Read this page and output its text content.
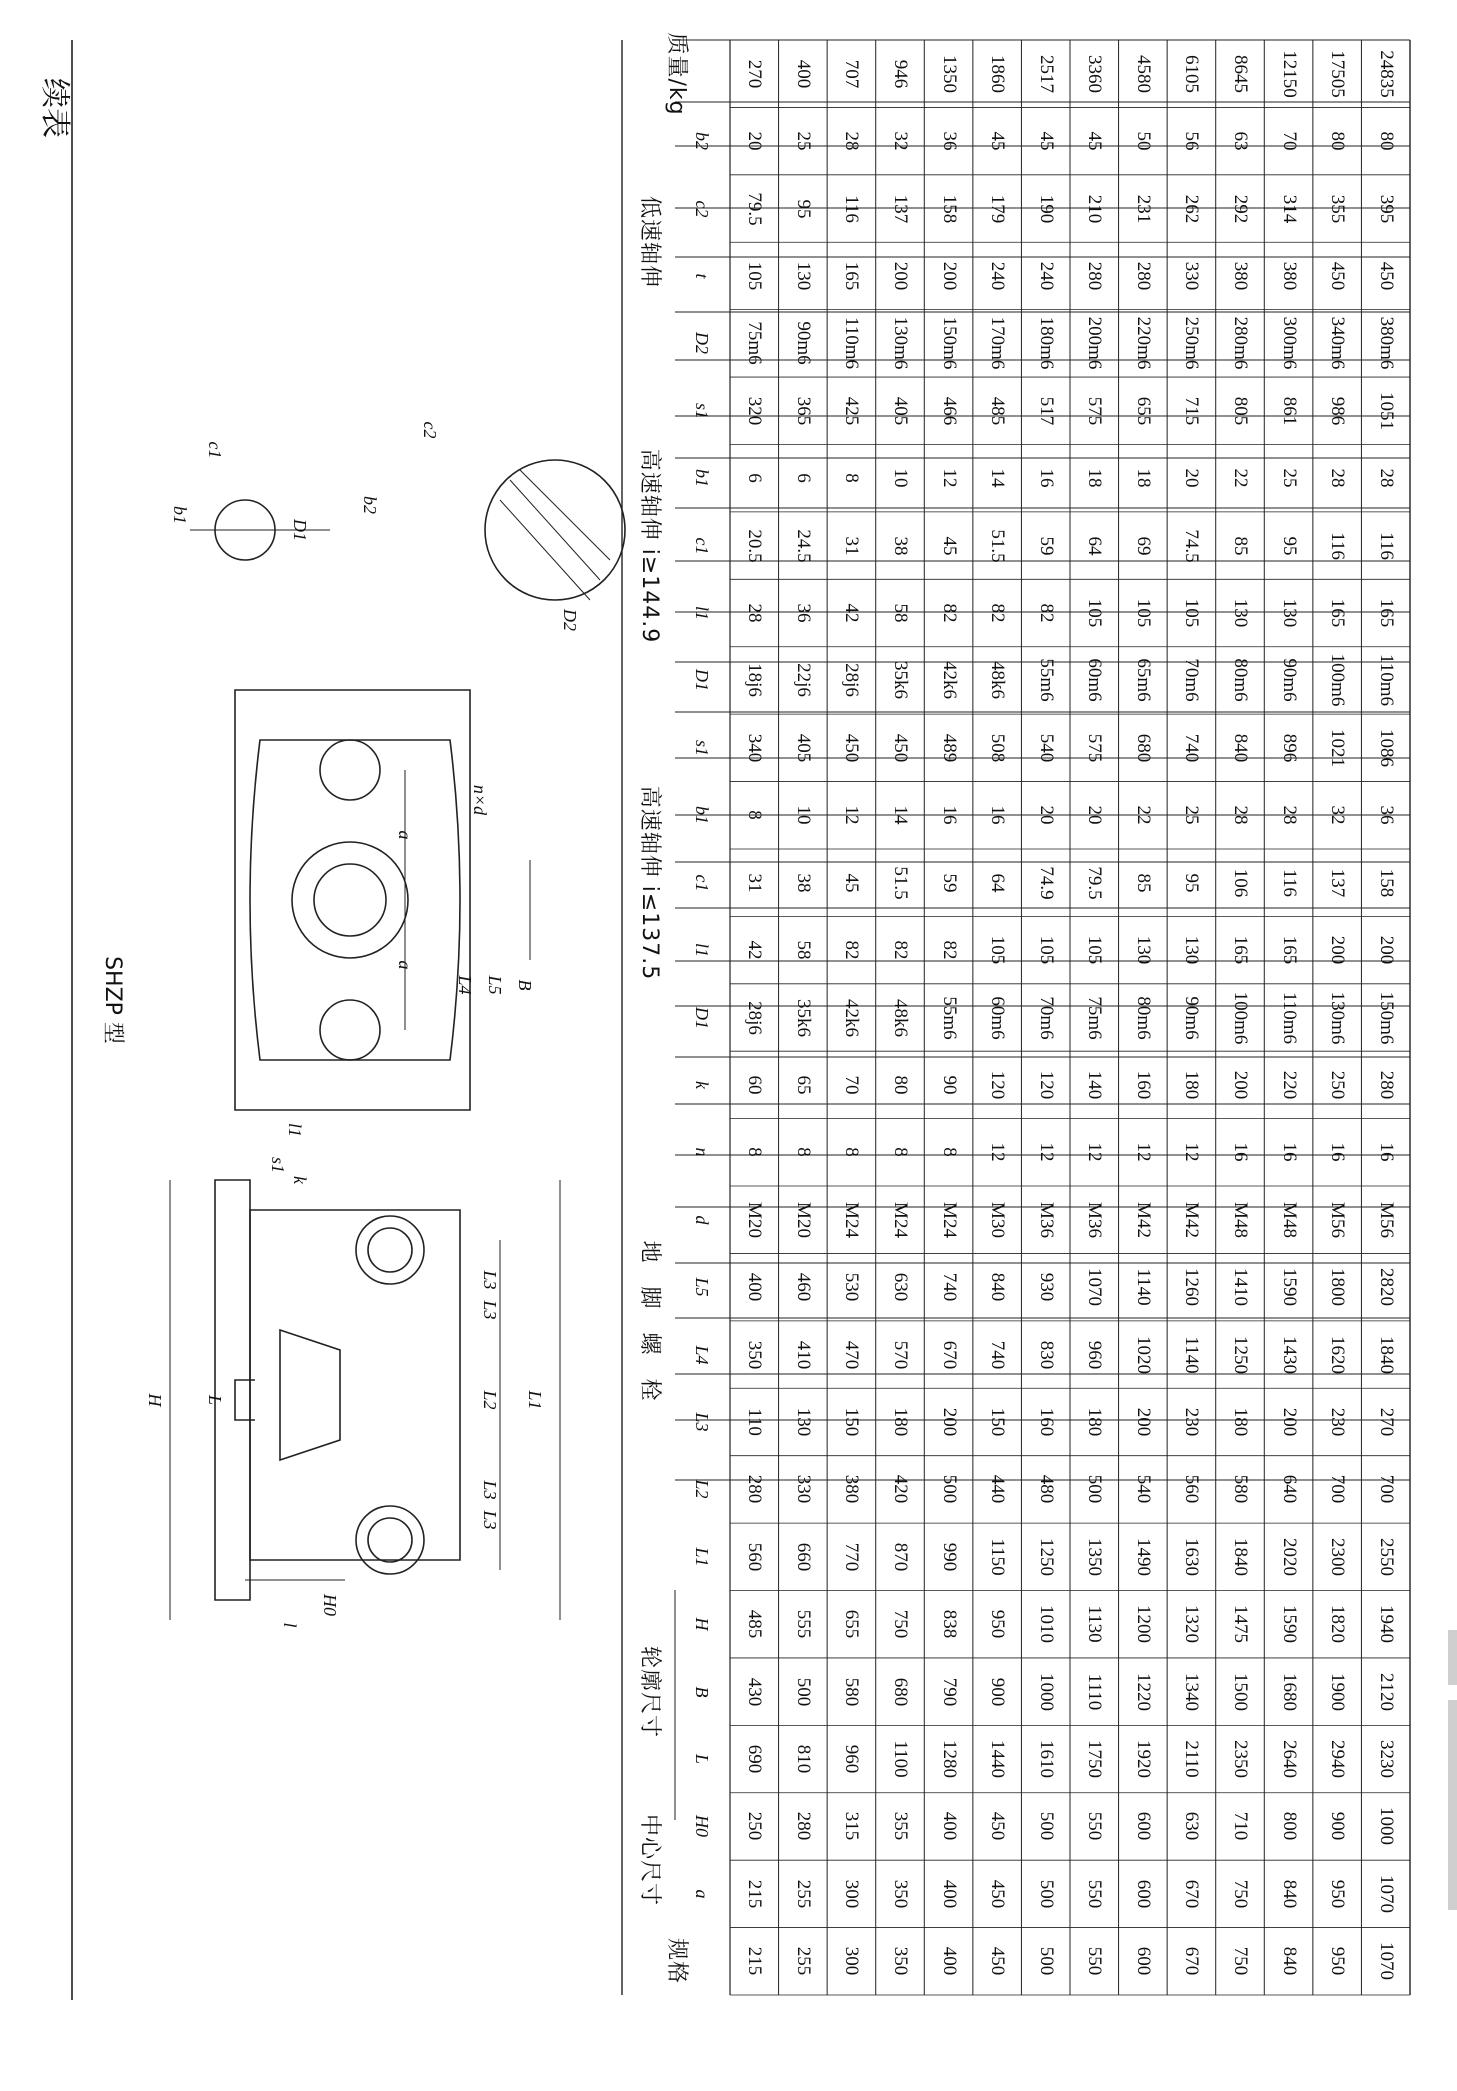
续表
SHZP 型
a
H0
L
B
H
L1
L2
L3
L4
L5
d
n
k
D1
l1
c1
b1
s1
D1
l1
c1
b1
s1
D2
t
c2
b2
规格
中心尺寸
轮廓尺寸
地　脚　螺　栓
高速轴伸 i≤137.5
高速轴伸 i≥144.9
低速轴伸
质量/kg
215
215
250
690
430
485
560
280
110
350
400
M20
8
60
28j6
42
31
8
340
18j6
28
20.5
6
320
75m6
105
79.5
20
270
255
255
280
810
500
555
660
330
130
410
460
M20
8
65
35k6
58
38
10
405
22j6
36
24.5
6
365
90m6
130
95
25
400
300
300
315
960
580
655
770
380
150
470
530
M24
8
70
42k6
82
45
12
450
28j6
42
31
8
425
110m6
165
116
28
707
350
350
355
1100
680
750
870
420
180
570
630
M24
8
80
48k6
82
51.5
14
450
35k6
58
38
10
405
130m6
200
137
32
946
400
400
400
1280
790
838
990
500
200
670
740
M24
8
90
55m6
82
59
16
489
42k6
82
45
12
466
150m6
200
158
36
1350
450
450
450
1440
900
950
1150
440
150
740
840
M30
12
120
60m6
105
64
16
508
48k6
82
51.5
14
485
170m6
240
179
45
1860
500
500
500
1610
1000
1010
1250
480
160
830
930
M36
12
120
70m6
105
74.9
20
540
55m6
82
59
16
517
180m6
240
190
45
2517
550
550
550
1750
1110
1130
1350
500
180
960
1070
M36
12
140
75m6
105
79.5
20
575
60m6
105
64
18
575
200m6
280
210
45
3360
600
600
600
1920
1220
1200
1490
540
200
1020
1140
M42
12
160
80m6
130
85
22
680
65m6
105
69
18
655
220m6
280
231
50
4580
670
670
630
2110
1340
1320
1630
560
230
1140
1260
M42
12
180
90m6
130
95
25
740
70m6
105
74.5
20
715
250m6
330
262
56
6105
750
750
710
2350
1500
1475
1840
580
180
1250
1410
M48
16
200
100m6
165
106
28
840
80m6
130
85
22
805
280m6
380
292
63
8645
840
840
800
2640
1680
1590
2020
640
200
1430
1590
M48
16
220
110m6
165
116
28
896
90m6
130
95
25
861
300m6
380
314
70
12150
950
950
900
2940
1900
1820
2300
700
230
1620
1800
M56
16
250
130m6
200
137
32
1021
100m6
165
116
28
986
340m6
450
355
80
17505
1070
1070
1000
3230
2120
1940
2550
700
270
1840
2820
M56
16
280
150m6
200
158
36
1086
110m6
165
116
28
1051
380m6
450
395
80
24835
H
H0
L	L1
L2
L3
L3
L3
L3
l
k
B
L5
L4
a
a
n×d
s1
l1
b1
D1
c1
b2
D2
c2
